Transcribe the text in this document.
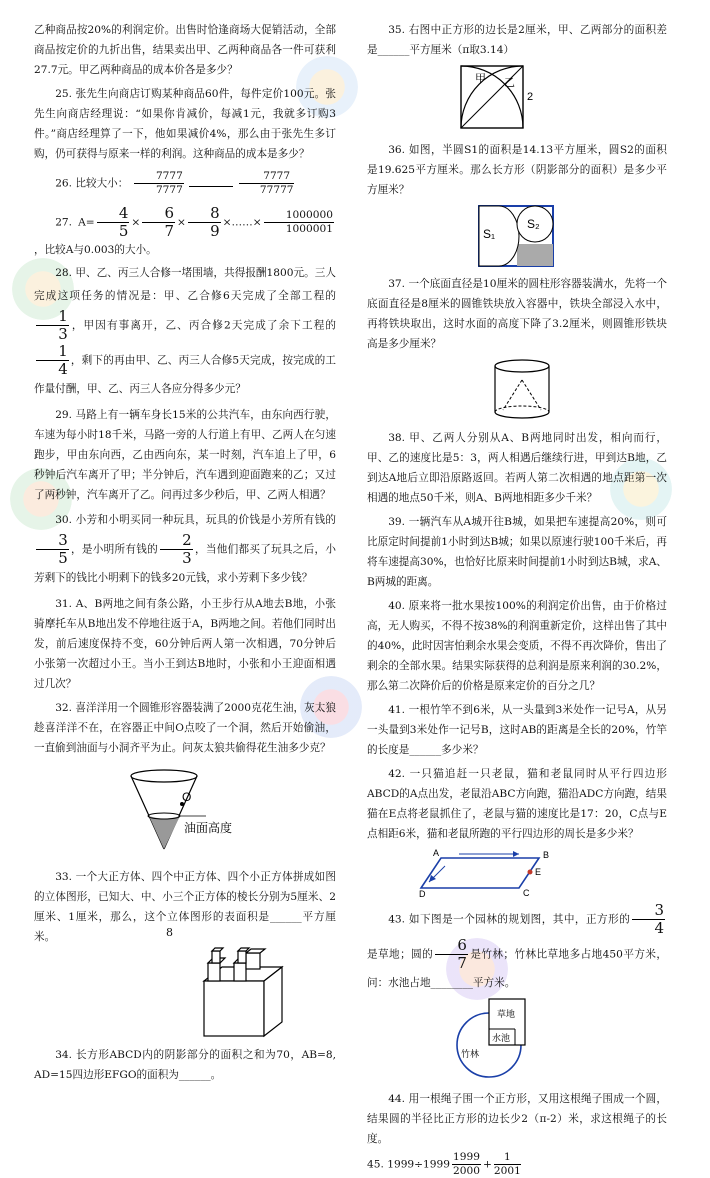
乙种商品按20%的利润定价。出售时恰逢商场大促销活动，全部商品按定价的九折出售，结果卖出甲、乙两种商品各一件可获利27.7元。甲乙两种商品的成本价各是多少？

25. 张先生向商店订购某种商品60件，每件定价100元。张先生向商店经理说：“如果你肯减价，每减1元，我就多订购3件。”商店经理算了一下，他如果减价4%，那么由于张先生多订购，仍可获得与原来一样的利润。这种商品的成本是多少？

26. 比较大小： $\frac{7777}{7777}$
	$\frac{7777}{77777}$

27. $A= \frac{4}{5} \times \frac{6}{7} \times \frac{8}{9}$ ×……× $\frac{1000000}{1000001}$
，比较A与0.003的大小。

28. 甲、乙、丙三人合修一堵围墙，共得报酬1800元。三人完成这项任务的情况是：甲、乙合修6天完成了全部工程的
$\frac{1}{3}$ ，甲因有事离开，乙、丙合修2天完成了余下工程的
$\frac{1}{4}$ ，剩下的再由甲、乙、丙三人合修5天完成，按完成的工作量付酬，甲、乙、丙三人各应分得多少元？

29. 马路上有一辆车身长15米的公共汽车，由东向西行驶，车速为每小时18千米，马路一旁的人行道上有甲、乙两人在匀速跑步，甲由东向西，乙由西向东，某一时刻，汽车追上了甲，6秒钟后汽车离开了甲；半分钟后，汽车遇到迎面跑来的乙；又过了两秒钟，汽车离开了乙。问再过多少秒后，甲、乙两人相遇？

30. 小芳和小明买同一种玩具，玩具的价钱是小芳所有钱的
$\frac{3}{5}$ ，是小明所有钱的 $\frac{2}{3}$ ，当他们都买了玩具之后，小芳剩下的钱比小明剩下的钱多20元钱，求小芳剩下多少钱？

31. A、B两地之间有条公路，小王步行从A地去B地，小张骑摩托车从B地出发不停地往返于A，B两地之间。若他们同时出发，前后速度保持不变，60分钟后两人第一次相遇，70分钟后小张第一次超过小王。当小王到达B地时，小张和小王迎面相遇过几次？

32. 喜洋洋用一个圆锥形容器装满了2000克花生油，灰太狼趁喜洋洋不在，在容器正中间O点咬了一个洞，然后开始偷油，一直偷到油面与小洞齐平为止。问灰太狼共偷得花生油多少克？

O
油面高度

33. 一个大正方体、四个中正方体、四个小正方体拼成如图的立体图形，已知大、中、小三个正方体的棱长分别为5厘米、2厘米、1厘米，那么，这个立体图形的表面积是______平方厘米。

34. 长方形ABCD内的阴影部分的面积之和为70，AB=8, AD=15四边形EFGO的面积为______。

8

35. 右图中正方形的边长是2厘米，甲、乙两部分的面积差是______平方厘米（π取3.14）

甲 乙
2

36. 如图，半圆S1的面积是14.13平方厘米，圆S2的面积是19.625平方厘米。那么长方形（阴影部分的面积）是多少平方厘米？

S₁
S₂

37. 一个底面直径是10厘米的圆柱形容器装满水，先将一个底面直径是8厘米的圆锥铁块放入容器中，铁块全部浸入水中，再将铁块取出，这时水面的高度下降了3.2厘米，则圆锥形铁块高是多少厘米？

38. 甲、乙两人分别从A、B两地同时出发，相向而行，甲、乙的速度比是5：3，两人相遇后继续行进，甲到达B地，乙到达A地后立即沿原路返回。若两人第二次相遇的地点距第一次相遇的地点50千米，则A、B两地相距多少千米？

39. 一辆汽车从A城开往B城，如果把车速提高20%，则可比原定时间提前1小时到达B城；如果以原速行驶100千米后，再将车速提高30%，也恰好比原来时间提前1小时到达B城，求A、B两城的距离。

40. 原来将一批水果按100%的利润定价出售，由于价格过高，无人购买，不得不按38%的利润重新定价，这样出售了其中的40%，此时因害怕剩余水果会变质，不得不再次降价，售出了剩余的全部水果。结果实际获得的总利润是原来利润的30.2%，那么第二次降价后的价格是原来定价的百分之几？

41. 一根竹竿不到6米，从一头量到3米处作一记号A，从另一头量到3米处作一记号B，这时AB的距离是全长的20%，竹竿的长度是______多少米？

42. 一只猫追赶一只老鼠，猫和老鼠同时从平行四边形ABCD的A点出发，老鼠沿ABC方向跑，猫沿ADC方向跑，结果猫在E点将老鼠抓住了，老鼠与猫的速度比是17：20，C点与E点相距6米，猫和老鼠所跑的平行四边形的周长是多少米？

A	B
C
D
E

43. 如下图是一个园林的规划图，其中，正方形的 $\frac{3}{4}$
是草地；圆的 $\frac{6}{7}$ 是竹林；竹林比草地多占地450平方米，问：水池占地________平方米。

草地
水池
竹林

44. 用一根绳子围一个正方形，又用这根绳子围成一个圆，结果圆的半径比正方形的边长少2（π-2）米，求这根绳子的长度。

45. $1999\div 1999 \frac{1999}{2000} + \frac{1}{2001}$
